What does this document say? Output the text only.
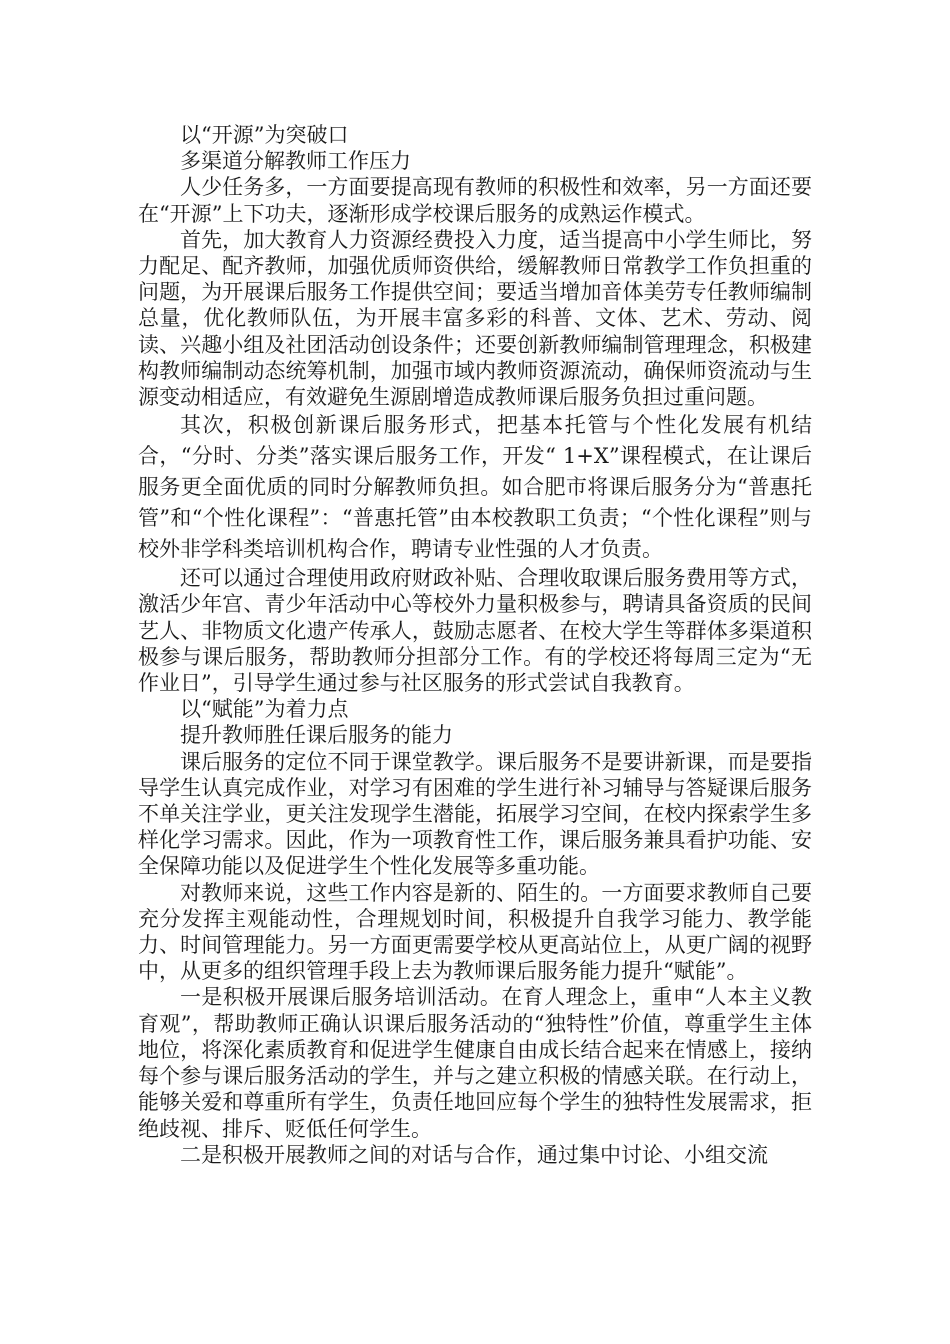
以“开源”为突破口

多渠道分解教师工作压力

人少任务多，一方面要提高现有教师的积极性和效率，另一方面还要在“开源”上下功夫，逐渐形成学校课后服务的成熟运作模式。

首先，加大教育人力资源经费投入力度，适当提高中小学生师比，努力配足、配齐教师，加强优质师资供给，缓解教师日常教学工作负担重的问题，为开展课后服务工作提供空间；要适当增加音体美劳专任教师编制总量，优化教师队伍，为开展丰富多彩的科普、文体、艺术、劳动、阅读、兴趣小组及社团活动创设条件；还要创新教师编制管理理念，积极建构教师编制动态统筹机制，加强市域内教师资源流动，确保师资流动与生源变动相适应，有效避免生源剧增造成教师课后服务负担过重问题。

其次，积极创新课后服务形式，把基本托管与个性化发展有机结合，“分时、分类”落实课后服务工作，开发“ 1+X”课程模式，在让课后服务更全面优质的同时分解教师负担。如合肥市将课后服务分为“普惠托管”和“个性化课程”：“普惠托管”由本校教职工负责；“个性化课程”则与校外非学科类培训机构合作，聘请专业性强的人才负责。

还可以通过合理使用政府财政补贴、合理收取课后服务费用等方式，激活少年宫、青少年活动中心等校外力量积极参与，聘请具备资质的民间艺人、非物质文化遗产传承人，鼓励志愿者、在校大学生等群体多渠道积极参与课后服务，帮助教师分担部分工作。有的学校还将每周三定为“无作业日”，引导学生通过参与社区服务的形式尝试自我教育。

以“赋能”为着力点

提升教师胜任课后服务的能力

课后服务的定位不同于课堂教学。课后服务不是要讲新课，而是要指导学生认真完成作业，对学习有困难的学生进行补习辅导与答疑课后服务不单关注学业，更关注发现学生潜能，拓展学习空间，在校内探索学生多样化学习需求。因此，作为一项教育性工作，课后服务兼具看护功能、安全保障功能以及促进学生个性化发展等多重功能。

对教师来说，这些工作内容是新的、陌生的。一方面要求教师自己要充分发挥主观能动性，合理规划时间，积极提升自我学习能力、教学能力、时间管理能力。另一方面更需要学校从更高站位上，从更广阔的视野中，从更多的组织管理手段上去为教师课后服务能力提升“赋能”。

一是积极开展课后服务培训活动。在育人理念上，重申“人本主义教育观”，帮助教师正确认识课后服务活动的“独特性”价值，尊重学生主体地位，将深化素质教育和促进学生健康自由成长结合起来在情感上，接纳每个参与课后服务活动的学生，并与之建立积极的情感关联。在行动上，能够关爱和尊重所有学生，负责任地回应每个学生的独特性发展需求，拒绝歧视、排斥、贬低任何学生。

二是积极开展教师之间的对话与合作，通过集中讨论、小组交流
